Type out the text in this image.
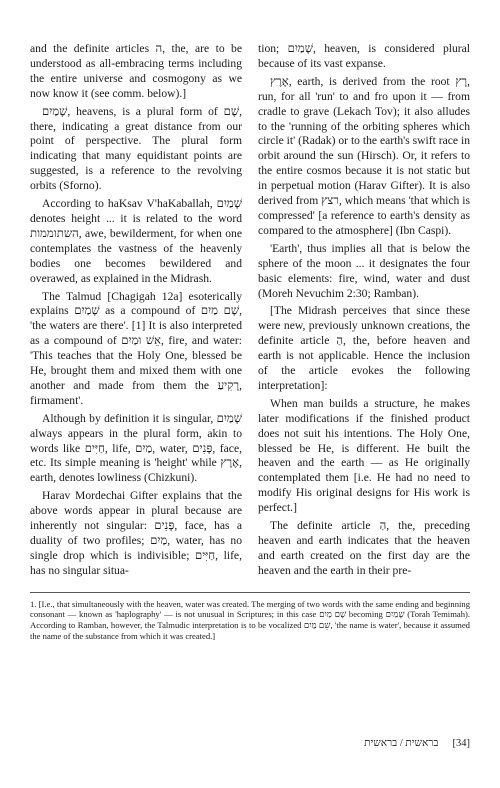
and the definite articles ה, the, are to be understood as all-embracing terms including the entire universe and cosmogony as we now know it (see comm. below).]

שָׁמַיִם, heavens, is a plural form of שָׁם, there, indicating a great distance from our point of perspective. The plural form indicating that many equidistant points are suggested, is a reference to the revolving orbits (Sforno).

According to haKsav V'haKaballah, שָׁמַיִם denotes height ... it is related to the word השתוממות, awe, bewilderment, for when one contemplates the vastness of the heavenly bodies one becomes bewildered and overawed, as explained in the Midrash.

The Talmud [Chagigah 12a] esoterically explains שָׁמַיִם as a compound of שָׁם מַיִם, 'the waters are there'. [1] It is also interpreted as a compound of אֵשׁ וּמַיִם, fire, and water: 'This teaches that the Holy One, blessed be He, brought them and mixed them with one another and made from them the רָקִיעַ, firmament'.

Although by definition it is singular, שָׁמַיִם always appears in the plural form, akin to words like חַיִּים, life, מַיִם, water, פָּנִים, face, etc. Its simple meaning is 'height' while אֶרֶץ, earth, denotes lowliness (Chizkuni).

Harav Mordechai Gifter explains that the above words appear in plural because are inherently not singular: פָּנִים, face, has a duality of two profiles; מַיִם, water, has no single drop which is indivisible; חַיִּים, life, has no singular situa-

tion; שָׁמַיִם, heaven, is considered plural because of its vast expanse.

אֶרֶץ, earth, is derived from the root רָץ, run, for all 'run' to and fro upon it — from cradle to grave (Lekach Tov); it also alludes to the 'running of the orbiting spheres which circle it' (Radak) or to the earth's swift race in orbit around the sun (Hirsch). Or, it refers to the entire cosmos because it is not static but in perpetual motion (Harav Gifter). It is also derived from רצץ, which means 'that which is compressed' [a reference to earth's density as compared to the atmosphere] (Ibn Caspi).

'Earth', thus implies all that is below the sphere of the moon ... it designates the four basic elements: fire, wind, water and dust (Moreh Nevuchim 2:30; Ramban).

[The Midrash perceives that since these were new, previously unknown creations, the definite article הַ, the, before heaven and earth is not applicable. Hence the inclusion of the article evokes the following interpretation]:

When man builds a structure, he makes later modifications if the finished product does not suit his intentions. The Holy One, blessed be He, is different. He built the heaven and the earth — as He originally contemplated them [i.e. He had no need to modify His original designs for His work is perfect.]

The definite article הַ, the, preceding heaven and earth indicates that the heaven and earth created on the first day are the heaven and the earth in their pre-

1. [I.e., that simultaneously with the heaven, water was created. The merging of two words with the same ending and beginning consonant — known as 'haplography' — is not unusual in Scriptures; in this case שָׁם מַיִם becoming שָׁמַיִם (Torah Temimah). According to Ramban, however, the Talmudic interpretation is to be vocalized שֵׁם מַיִם, 'the name is water', because it assumed the name of the substance from which it was created.]

בראשית / בראשית [34]
